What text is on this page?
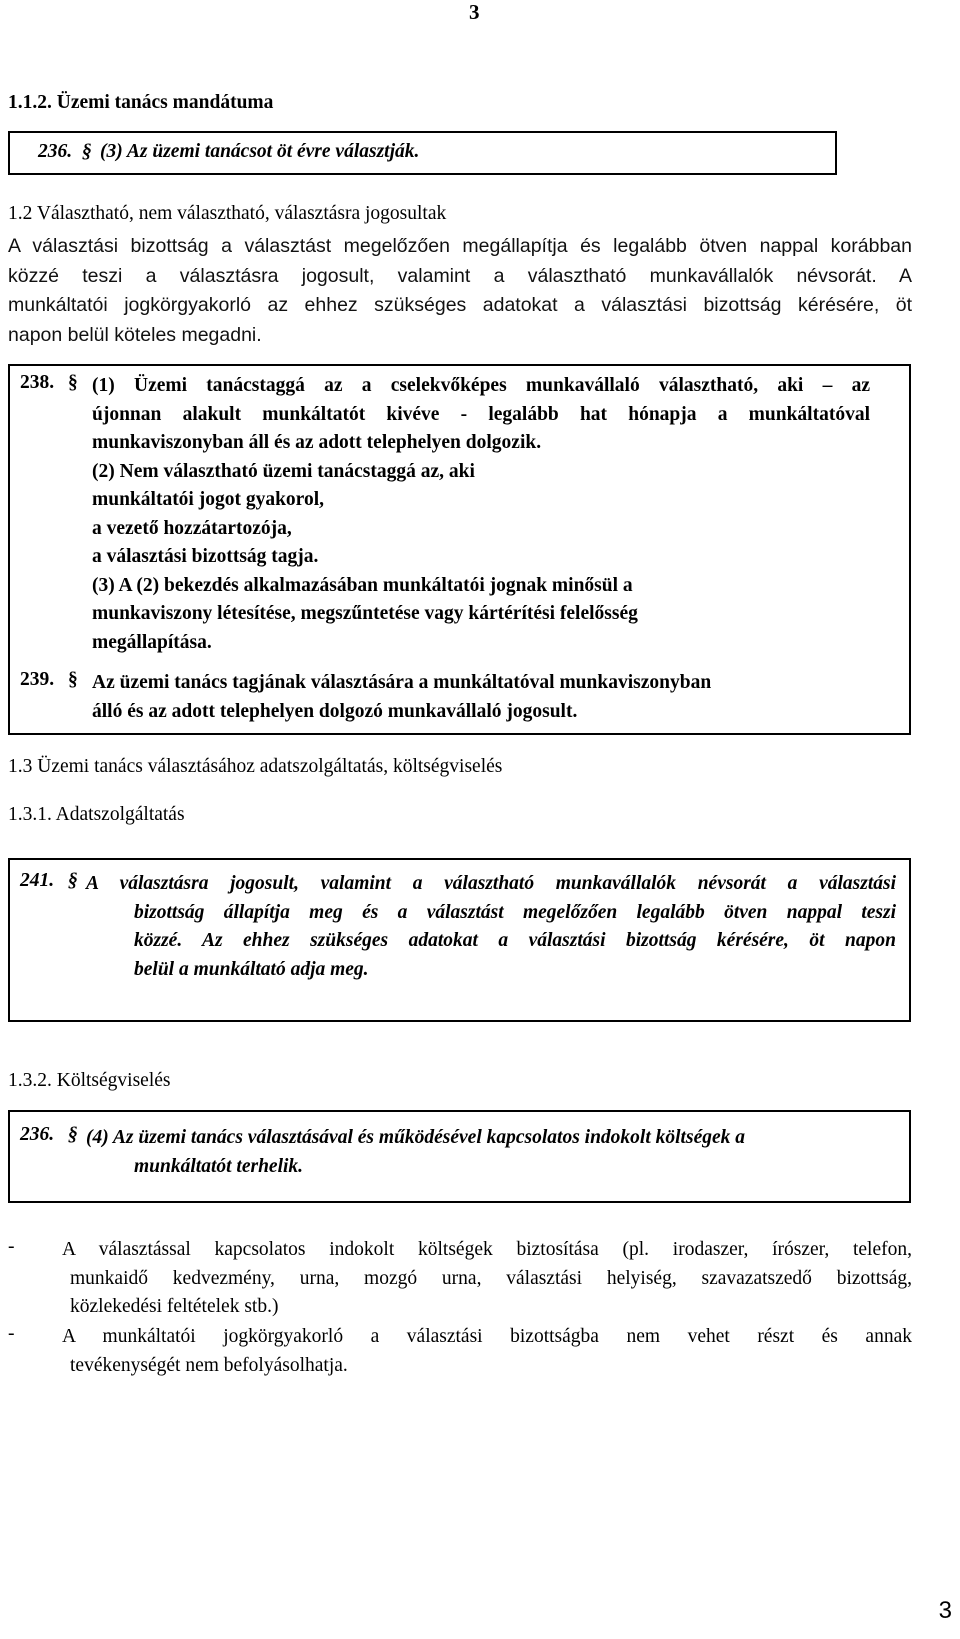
3
1.1.2. Üzemi tanács mandátuma
236. § (3) Az üzemi tanácsot öt évre választják.
1.2 Választható, nem választható, választásra jogosultak
A választási bizottság a választást megelőzően megállapítja és legalább ötven nappal korábban
közzé teszi a választásra jogosult, valamint a választható munkavállalók névsorát. A
munkáltatói jogkörgyakorló az ehhez szükséges adatokat a választási bizottság kérésére, öt
napon belül köteles megadni.
238. § (1) Üzemi tanácstaggá az a cselekvőképes munkavállaló választható, aki – az
újonnan alakult munkáltatót kivéve - legalább hat hónapja a munkáltatóval
munkaviszonyban áll és az adott telephelyen dolgozik.
(2) Nem választható üzemi tanácstaggá az, aki
munkáltatói jogot gyakorol,
a vezető hozzátartozója,
a választási bizottság tagja.
(3) A (2) bekezdés alkalmazásában munkáltatói jognak minősül a
munkaviszony létesítése, megszűntetése vagy kártérítési felelősség
megállapítása.
239. § Az üzemi tanács tagjának választására a munkáltatóval munkaviszonyban
álló és az adott telephelyen dolgozó munkavállaló jogosult.
1.3 Üzemi tanács választásához adatszolgáltatás, költségviselés
1.3.1. Adatszolgáltatás
241. § A választásra jogosult, valamint a választható munkavállalók névsorát a választási
bizottság állapítja meg és a választást megelőzően legalább ötven nappal teszi
közzé. Az ehhez szükséges adatokat a választási bizottság kérésére, öt napon
belül a munkáltató adja meg.
1.3.2. Költségviselés
236. § (4) Az üzemi tanács választásával és működésével kapcsolatos indokolt költségek a
munkáltatót terhelik.
- A választással kapcsolatos indokolt költségek biztosítása (pl. irodaszer, írószer, telefon,
munkaidő kedvezmény, urna, mozgó urna, választási helyiség, szavazatszedő bizottság,
közlekedési feltételek stb.)
- A munkáltatói jogkörgyakorló a választási bizottságba nem vehet részt és annak
tevékenységét nem befolyásolhatja.
3
